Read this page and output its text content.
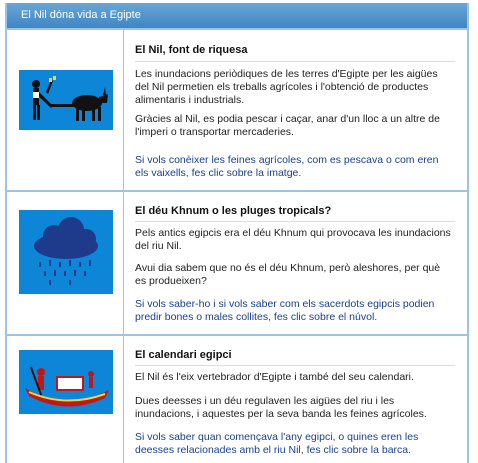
El Nil dóna vida a Egipte
El Nil, font de riquesa
Les inundacions periòdiques de les terres d'Egipte per les aigües del Nil permetien els treballs agrícoles i l'obtenció de productes alimentaris i industrials.
Gràcies al Nil, es podia pescar i caçar, anar d'un lloc a un altre de l'imperi o transportar mercaderies.
Si vols conèixer les feines agrícoles, com es pescava o com eren els vaixells, fes clic sobre la imatge.
El déu Khnum o les pluges tropicals?
Pels antics egipcis era el déu Khnum qui provocava les inundacions del riu Nil.
Avui dia sabem que no és el déu Khnum, però aleshores, per què es produeixen?
Si vols saber-ho i si vols saber com els sacerdots egipcis podien predir bones o males collites, fes clic sobre el núvol.
El calendari egipci
El Nil és l'eix vertebrador d'Egipte i també del seu calendari.
Dues deesses i un déu regulaven les aigües del riu i les inundacions, i aquestes per la seva banda les feines agrícoles.
Si vols saber quan començava l'any egipci, o quines eren les deesses relacionades amb el riu Nil, fes clic sobre la barca.
